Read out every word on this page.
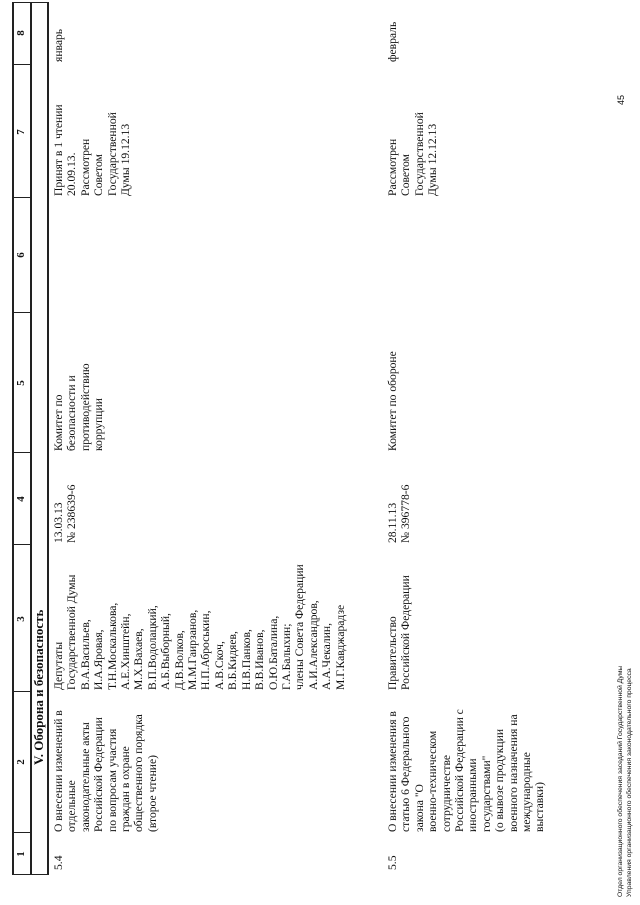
1
2
3
4
5
6
7
8
V. Оборона и безопасность
5.4
О внесении изменений в
отдельные
законодательные акты
Российской Федерации
по вопросам участия
граждан в охране
общественного порядка
(второе чтение)
Депутаты
Государственной Думы
В.А.Васильев,
И.А.Яровая,
Т.Н.Москалькова,
А.Е.Хинштейн,
М.Х.Вахаев,
В.П.Водолацкий,
А.Б.Выборный,
Д.В.Волков,
М.М.Гаирзанов,
Н.П.Аброськин,
А.В.Скоч,
В.Б.Кидяев,
Н.В.Панков,
В.В.Иванов,
О.Ю.Баталина,
Г.А.Балыхин;
члены Совета Федерации
А.И.Александров,
А.А.Чекалин,
М.Г.Кавджарадзе
13.03.13
№ 238639-6
Комитет по
безопасности и
противодействию
коррупции
Принят в 1 чтении
20.09.13.
Рассмотрен
Советом
Государственной
Думы 19.12.13
январь
5.5
О внесении изменения в
статью 6 Федерального
закона "О
военно-техническом
сотрудничестве
Российской Федерации с
иностранными
государствами"
(о вывозе продукции
военного назначения на
международные
выставки)
Правительство
Российской Федерации
28.11.13
№ 396778-6
Комитет по обороне
Рассмотрен
Советом
Государственной
Думы 12.12.13
февраль
Отдел организационного обеспечения заседаний Государственной Думы
Управления организационного обеспечения законодательного процесса
45
